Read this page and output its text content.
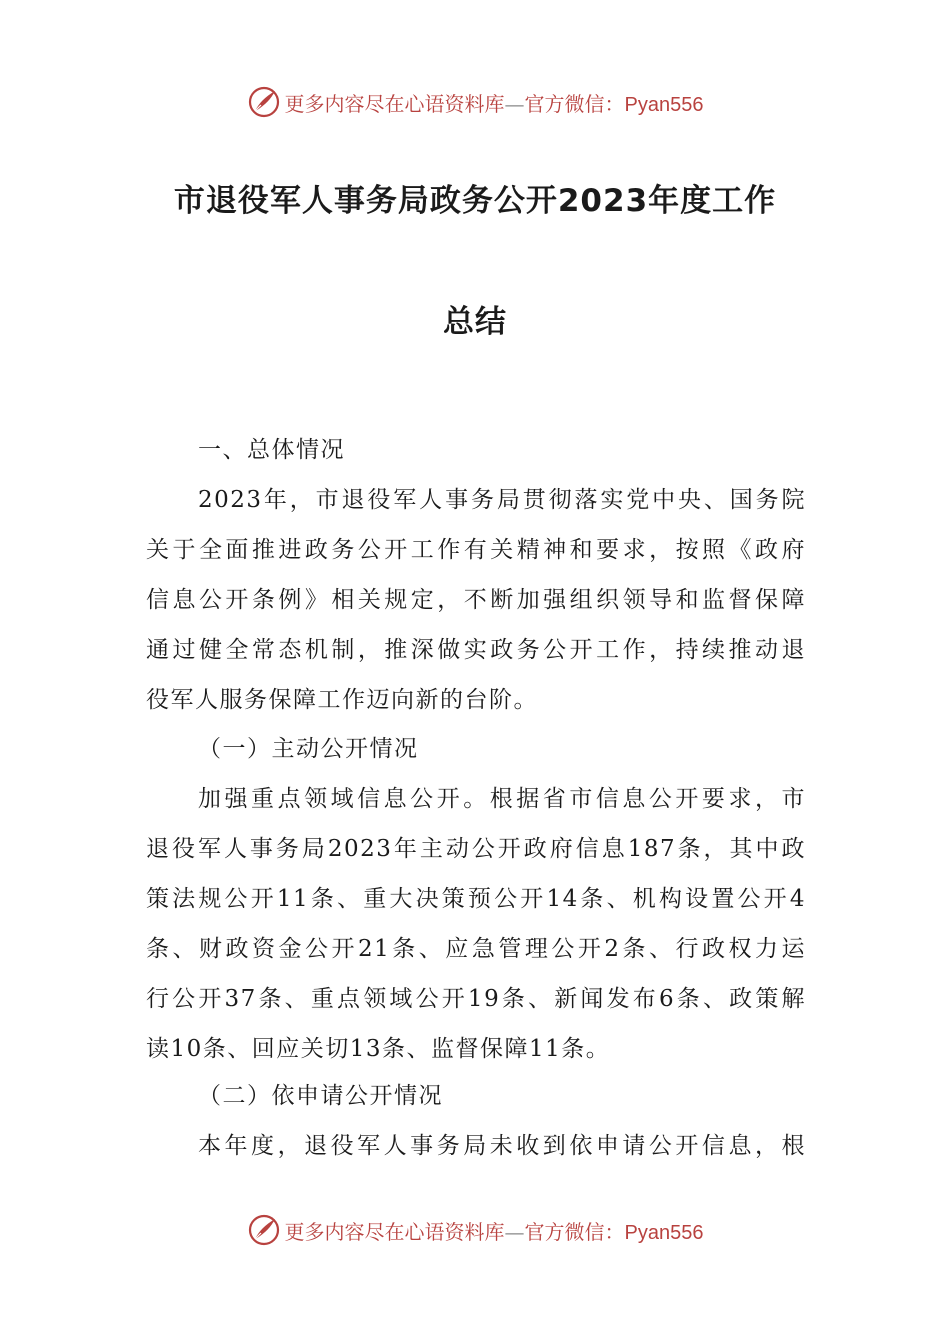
更多内容尽在心语资料库—官方微信：Pyan556
市退役军人事务局政务公开2023年度工作
总结
一、总体情况
2023年，市退役军人事务局贯彻落实党中央、国务院
关于全面推进政务公开工作有关精神和要求，按照《政府
信息公开条例》相关规定，不断加强组织领导和监督保障
通过健全常态机制，推深做实政务公开工作，持续推动退
役军人服务保障工作迈向新的台阶。
（一）主动公开情况
加强重点领域信息公开。根据省市信息公开要求，市
退役军人事务局2023年主动公开政府信息187条，其中政
策法规公开11条、重大决策预公开14条、机构设置公开4
条、财政资金公开21条、应急管理公开2条、行政权力运
行公开37条、重点领域公开19条、新闻发布6条、政策解
读10条、回应关切13条、监督保障11条。
（二）依申请公开情况
本年度，退役军人事务局未收到依申请公开信息，根
更多内容尽在心语资料库—官方微信：Pyan556
